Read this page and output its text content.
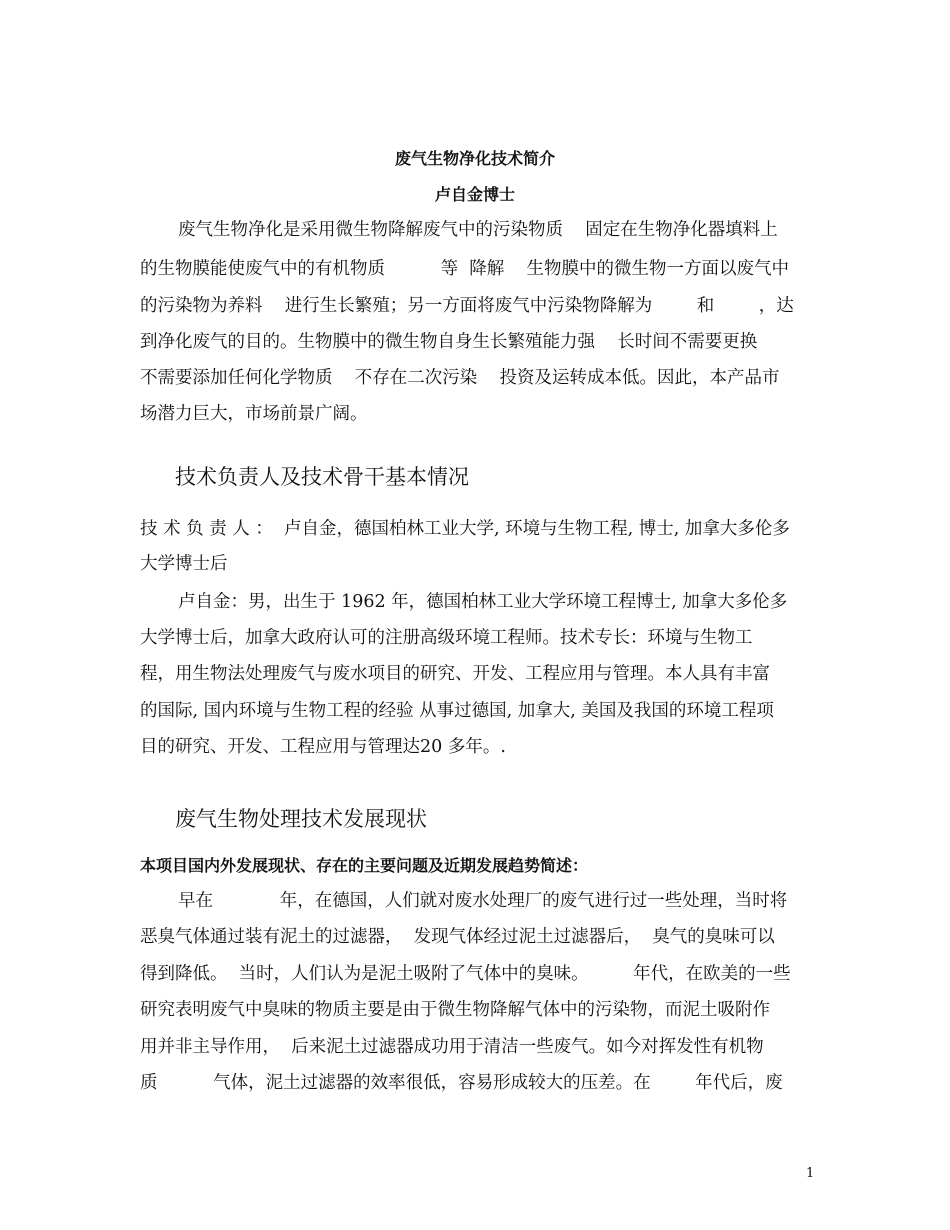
废气生物净化技术简介
卢自金博士
废气生物净化是采用微生物降解废气中的污染物质    固定在生物净化器填料上
的生物膜能使废气中的有机物质          等  降解    生物膜中的微生物一方面以废气中
的污染物为养料    进行生长繁殖；另一方面将废气中污染物降解为        和        ，达
到净化废气的目的。生物膜中的微生物自身生长繁殖能力强    长时间不需要更换
不需要添加任何化学物质    不存在二次污染    投资及运转成本低。因此，本产品市
场潜力巨大，市场前景广阔。
技术负责人及技术骨干基本情况
技 术 负 责 人 ：  卢自金，德国柏林工业大学, 环境与生物工程, 博士, 加拿大多伦多
大学博士后
卢自金：男，出生于 1962 年，德国柏林工业大学环境工程博士, 加拿大多伦多
大学博士后，加拿大政府认可的注册高级环境工程师。技术专长：环境与生物工
程，用生物法处理废气与废水项目的研究、开发、工程应用与管理。本人具有丰富
的国际, 国内环境与生物工程的经验 从事过德国, 加拿大, 美国及我国的环境工程项
目的研究、开发、工程应用与管理达20 多年。.
废气生物处理技术发展现状
本项目国内外发展现状、存在的主要问题及近期发展趋势简述：
早在            年，在德国，人们就对废水处理厂的废气进行过一些处理，当时将
恶臭气体通过装有泥土的过滤器，  发现气体经过泥土过滤器后，  臭气的臭味可以
得到降低。  当时，人们认为是泥土吸附了气体中的臭味。        年代，在欧美的一些
研究表明废气中臭味的物质主要是由于微生物降解气体中的污染物，而泥土吸附作
用并非主导作用，  后来泥土过滤器成功用于清洁一些废气。如今对挥发性有机物
质          气体，泥土过滤器的效率很低，容易形成较大的压差。在        年代后，废
1
